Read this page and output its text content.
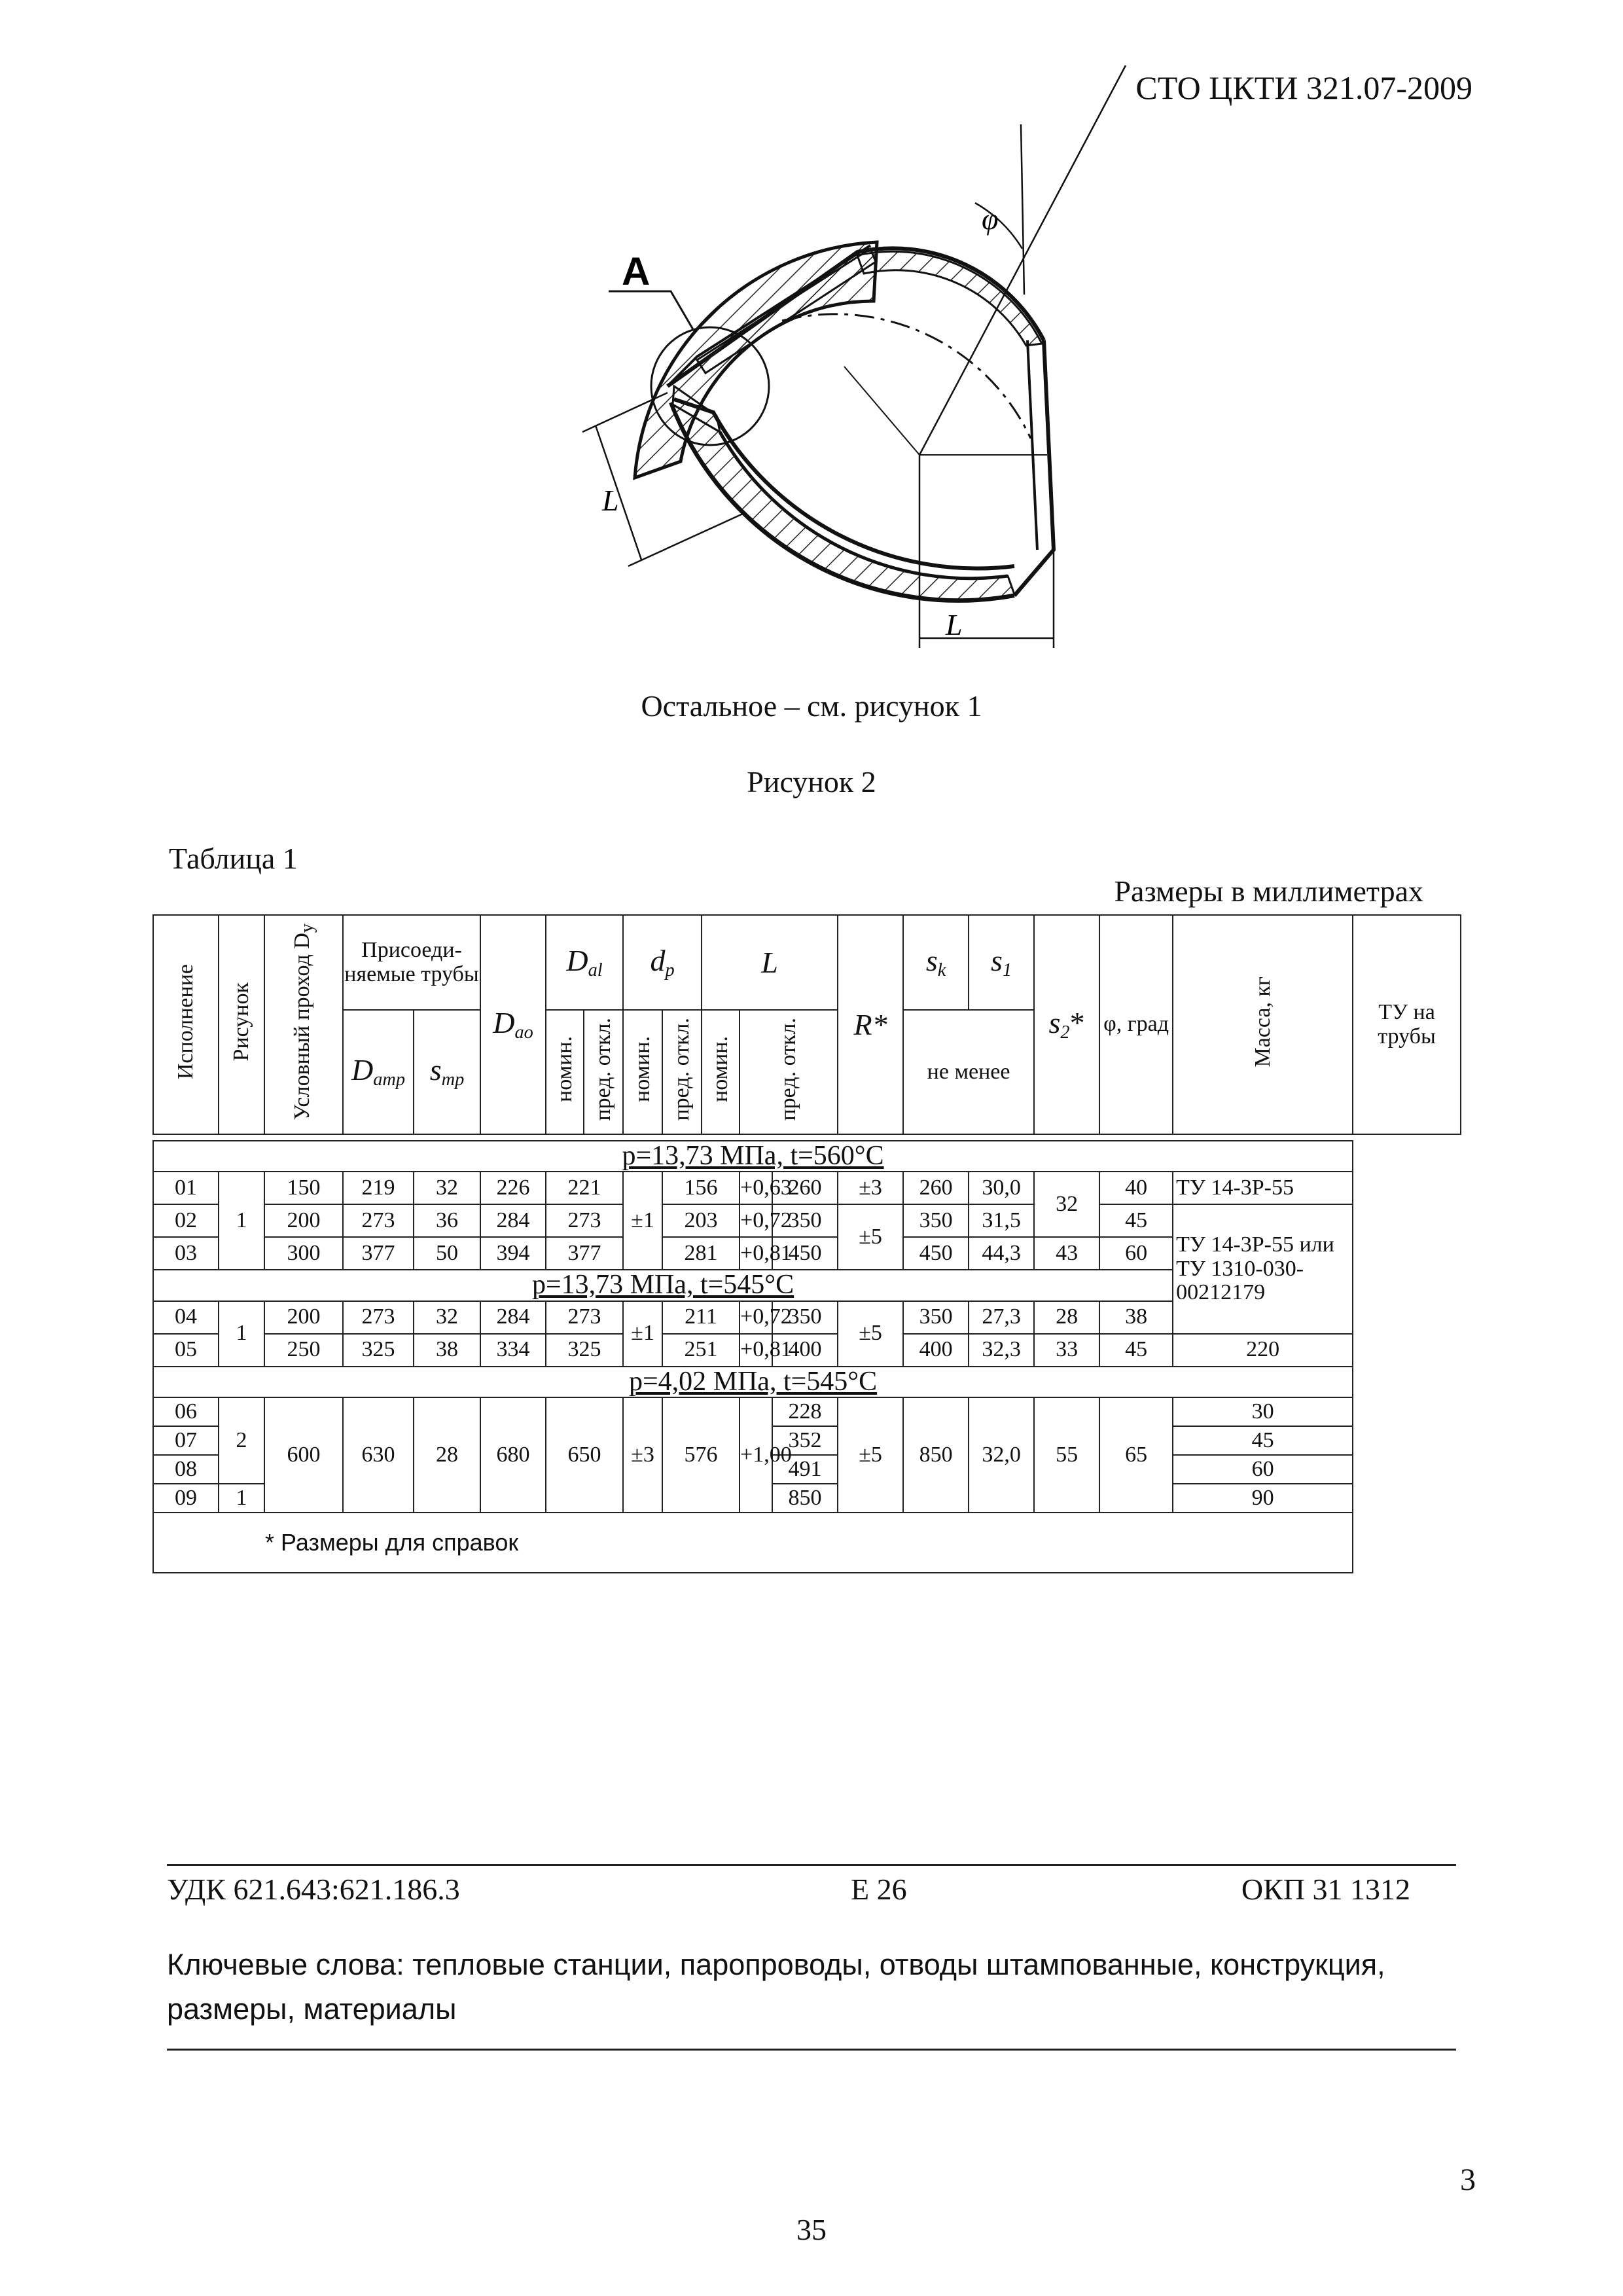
СТО ЦКТИ 321.07-2009
φ
А
L
L
Остальное – см. рисунок 1
Рисунок 2
Таблица 1
Размеры в миллиметрах
Исполнение	Рисунок	Условный проход $D_y$	Присоеди-няемые трубы		$D_{ao}$	$D_{al}$		$d_p$		L			R*	$s_k$	$s_1$	$s_2*$	φ, град	Масса, кг	ТУ на трубы
			$D_{атр}$	$s_{mp}$		номин.	пред. откл.	номин.	пред. откл.	номин.	пред. откл.			не менее					

p=13,73 МПа, t=560°C																			
01	1	150	219	32	226	221		±1	156		+0,63	260	±3	260	30,0	32	40	ТУ 14-3Р-55	
02		200	273	36	284	273			203		+0,72	350	±5	350	31,5		45	ТУ 14-3Р-55 или ТУ 1310-030-00212179	
03		300	377	50	394	377			281		+0,81	450		450	44,3	43	60		
p=13,73 МПа, t=545°C																			
04	1	200	273	32	284	273		±1	211		+0,72	350	±5	350	27,3	28	38		
05		250	325	38	334	325			251		+0,81	400		400	32,3	33	45	220	
p=4,02 МПа, t=545°C																			
06	2	600	630	28	680	650		±3	576		+1,00	228	±5	850	32,0	55	65	30	
07												352						45	
08												491						60	
09	1											850						90	
* Размеры для справок																			
УДК 621.643:621.186.3	Е 26	ОКП 31 1312
Ключевые слова: тепловые станции, паропроводы, отводы штампованные, конструкция, размеры, материалы
3
35
